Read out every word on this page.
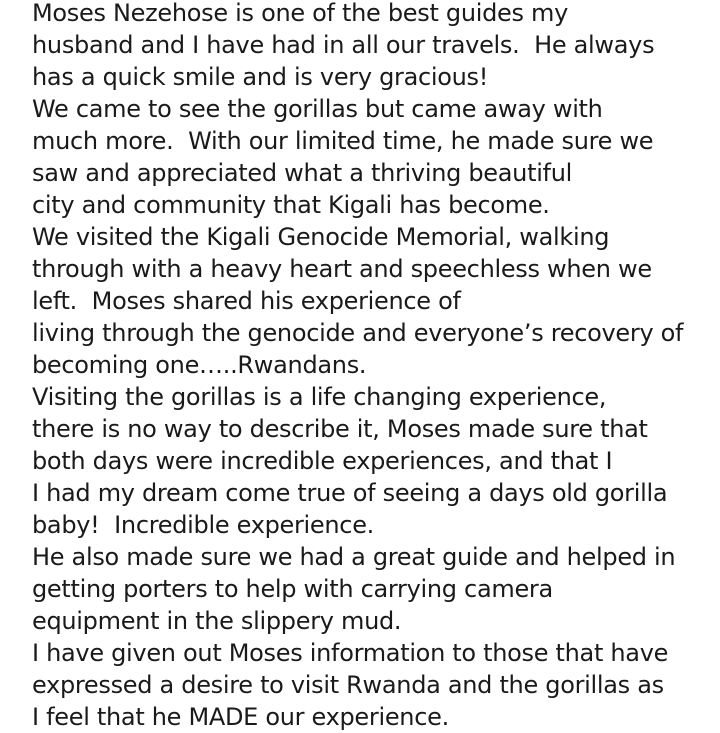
Moses Nezehose is one of the best guides my
husband and I have had in all our travels.  He always
has a quick smile and is very gracious!
We came to see the gorillas but came away with
much more.  With our limited time, he made sure we
saw and appreciated what a thriving beautiful
city and community that Kigali has become.
We visited the Kigali Genocide Memorial, walking
through with a heavy heart and speechless when we
left.  Moses shared his experience of
living through the genocide and everyone’s recovery of
becoming one…..Rwandans.
Visiting the gorillas is a life changing experience,
there is no way to describe it, Moses made sure that
both days were incredible experiences, and that I
I had my dream come true of seeing a days old gorilla
baby!  Incredible experience.
He also made sure we had a great guide and helped in
getting porters to help with carrying camera
equipment in the slippery mud.
I have given out Moses information to those that have
expressed a desire to visit Rwanda and the gorillas as
I feel that he MADE our experience.
